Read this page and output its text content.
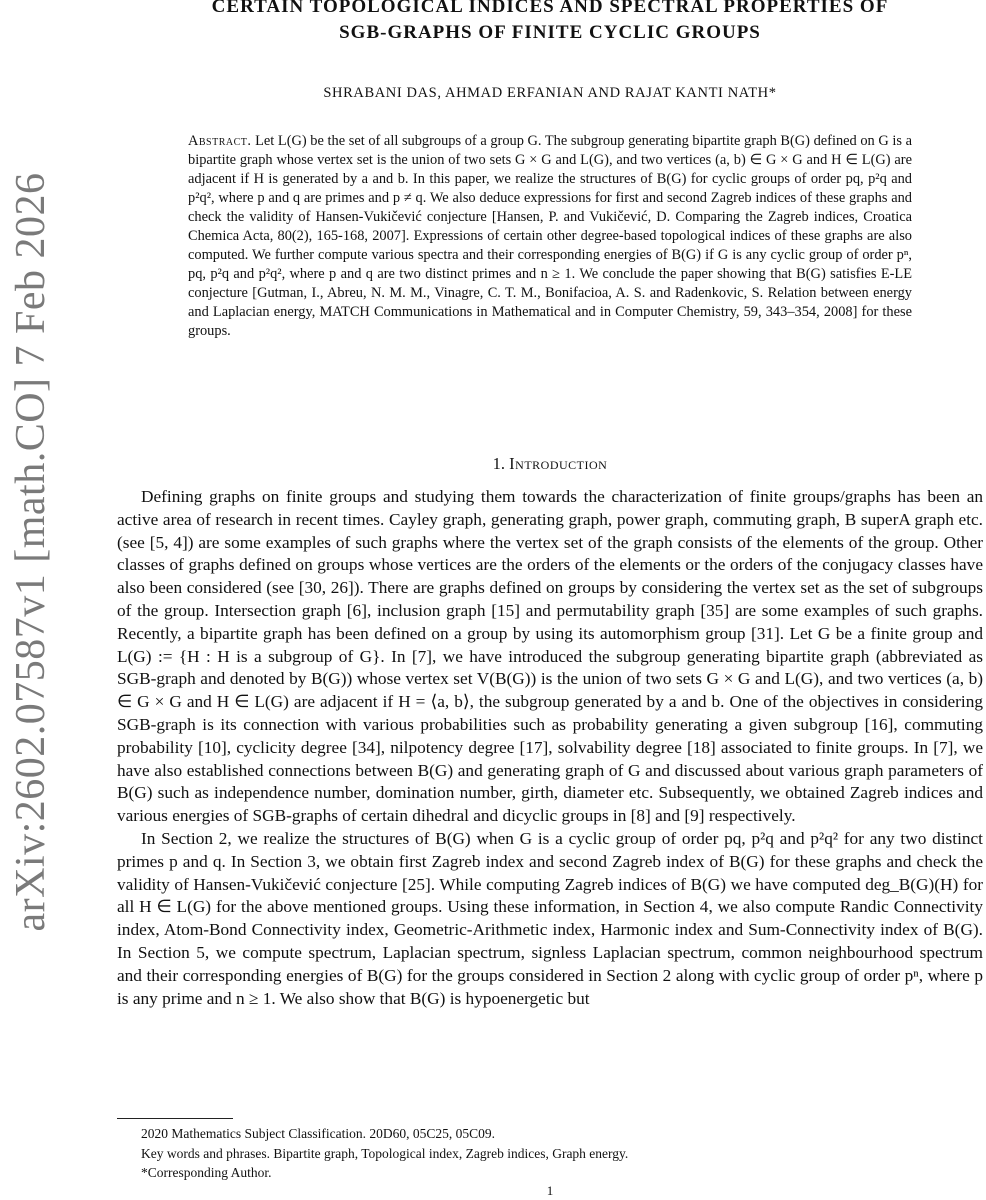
arXiv:2602.07587v1 [math.CO] 7 Feb 2026
CERTAIN TOPOLOGICAL INDICES AND SPECTRAL PROPERTIES OF
SGB-GRAPHS OF FINITE CYCLIC GROUPS
SHRABANI DAS, AHMAD ERFANIAN AND RAJAT KANTI NATH*
Abstract. Let L(G) be the set of all subgroups of a group G. The subgroup generating bipartite graph B(G) defined on G is a bipartite graph whose vertex set is the union of two sets G × G and L(G), and two vertices (a, b) ∈ G × G and H ∈ L(G) are adjacent if H is generated by a and b. In this paper, we realize the structures of B(G) for cyclic groups of order pq, p²q and p²q², where p and q are primes and p ≠ q. We also deduce expressions for first and second Zagreb indices of these graphs and check the validity of Hansen-Vukičević conjecture [Hansen, P. and Vukičević, D. Comparing the Zagreb indices, Croatica Chemica Acta, 80(2), 165-168, 2007]. Expressions of certain other degree-based topological indices of these graphs are also computed. We further compute various spectra and their corresponding energies of B(G) if G is any cyclic group of order pⁿ, pq, p²q and p²q², where p and q are two distinct primes and n ≥ 1. We conclude the paper showing that B(G) satisfies E-LE conjecture [Gutman, I., Abreu, N. M. M., Vinagre, C. T. M., Bonifacioa, A. S. and Radenkovic, S. Relation between energy and Laplacian energy, MATCH Communications in Mathematical and in Computer Chemistry, 59, 343–354, 2008] for these groups.
1. Introduction

Defining graphs on finite groups and studying them towards the characterization of finite groups/graphs has been an active area of research in recent times. Cayley graph, generating graph, power graph, commuting graph, B superA graph etc. (see [5, 4]) are some examples of such graphs where the vertex set of the graph consists of the elements of the group. Other classes of graphs defined on groups whose vertices are the orders of the elements or the orders of the conjugacy classes have also been considered (see [30, 26]). There are graphs defined on groups by considering the vertex set as the set of subgroups of the group. Intersection graph [6], inclusion graph [15] and permutability graph [35] are some examples of such graphs. Recently, a bipartite graph has been defined on a group by using its automorphism group [31]. Let G be a finite group and L(G) := {H : H is a subgroup of G}. In [7], we have introduced the subgroup generating bipartite graph (abbreviated as SGB-graph and denoted by B(G)) whose vertex set V(B(G)) is the union of two sets G × G and L(G), and two vertices (a, b) ∈ G × G and H ∈ L(G) are adjacent if H = ⟨a, b⟩, the subgroup generated by a and b. One of the objectives in considering SGB-graph is its connection with various probabilities such as probability generating a given subgroup [16], commuting probability [10], cyclicity degree [34], nilpotency degree [17], solvability degree [18] associated to finite groups. In [7], we have also established connections between B(G) and generating graph of G and discussed about various graph parameters of B(G) such as independence number, domination number, girth, diameter etc. Subsequently, we obtained Zagreb indices and various energies of SGB-graphs of certain dihedral and dicyclic groups in [8] and [9] respectively.

In Section 2, we realize the structures of B(G) when G is a cyclic group of order pq, p²q and p²q² for any two distinct primes p and q. In Section 3, we obtain first Zagreb index and second Zagreb index of B(G) for these graphs and check the validity of Hansen-Vukičević conjecture [25]. While computing Zagreb indices of B(G) we have computed deg_B(G)(H) for all H ∈ L(G) for the above mentioned groups. Using these information, in Section 4, we also compute Randic Connectivity index, Atom-Bond Connectivity index, Geometric-Arithmetic index, Harmonic index and Sum-Connectivity index of B(G). In Section 5, we compute spectrum, Laplacian spectrum, signless Laplacian spectrum, common neighbourhood spectrum and their corresponding energies of B(G) for the groups considered in Section 2 along with cyclic group of order pⁿ, where p is any prime and n ≥ 1. We also show that B(G) is hypoenergetic but

2020 Mathematics Subject Classification. 20D60, 05C25, 05C09.
Key words and phrases. Bipartite graph, Topological index, Zagreb indices, Graph energy.
*Corresponding Author.
1
